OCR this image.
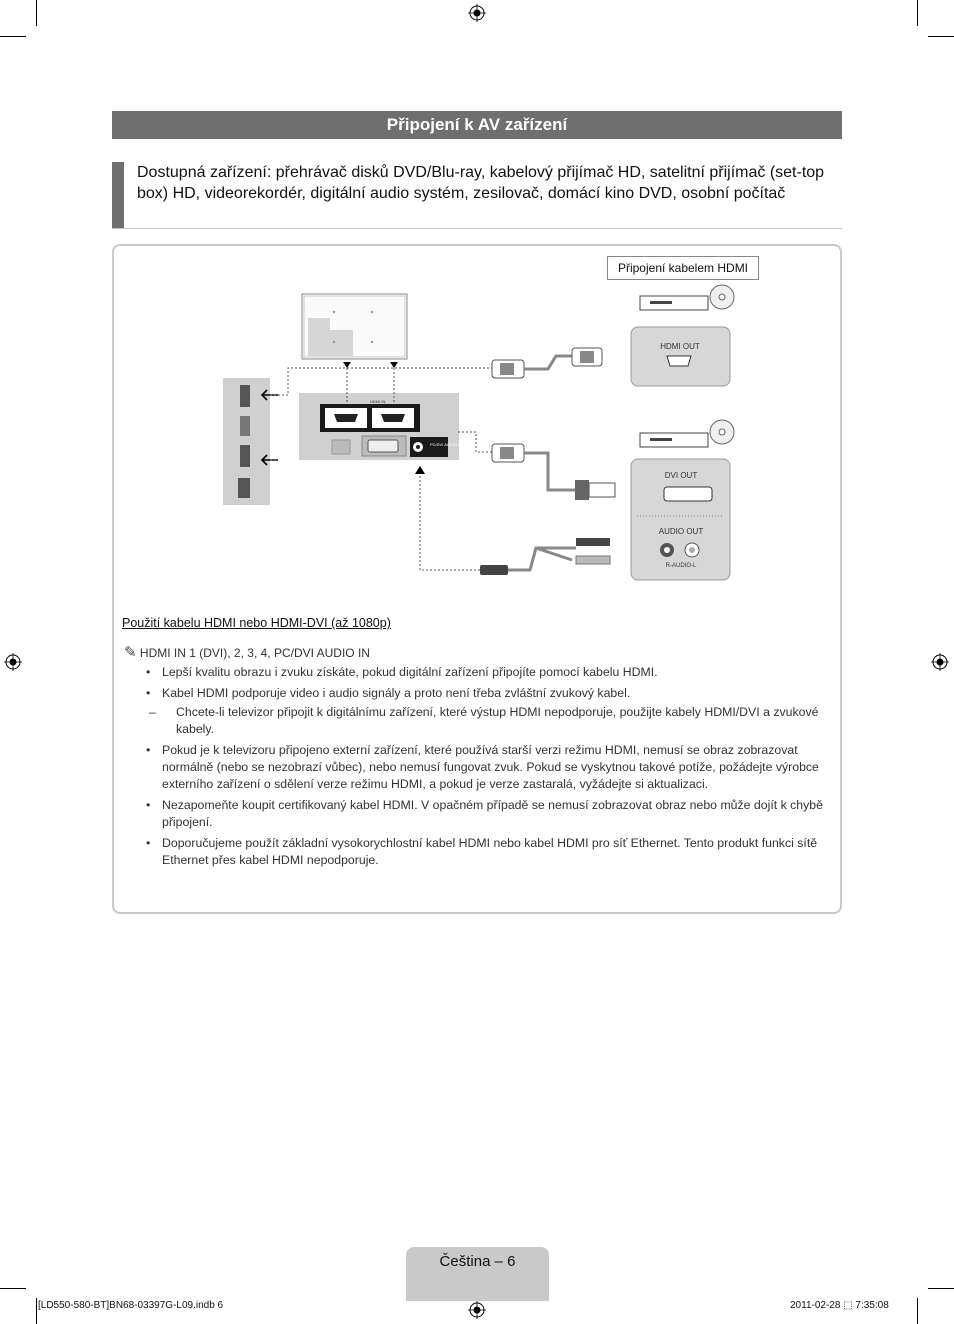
Připojení k AV zařízení
Dostupná zařízení: přehrávač disků DVD/Blu-ray, kabelový přijímač HD, satelitní přijímač (set-top box) HD, videorekordér, digitální audio systém, zesilovač, domácí kino DVD, osobní počítač
Připojení kabelem HDMI
HDMI IN
PC/DVI AUDIO IN
HDMI OUT
DVI OUT
AUDIO OUT
R-AUDIO-L
Použití kabelu HDMI nebo HDMI-DVI (až 1080p)
✎ HDMI IN 1 (DVI), 2, 3, 4, PC/DVI AUDIO IN
• Lepší kvalitu obrazu i zvuku získáte, pokud digitální zařízení připojíte pomocí kabelu HDMI.
• Kabel HDMI podporuje video i audio signály a proto není třeba zvláštní zvukový kabel.
– Chcete-li televizor připojit k digitálnímu zařízení, které výstup HDMI nepodporuje, použijte kabely HDMI/DVI a zvukové kabely.
• Pokud je k televizoru připojeno externí zařízení, které používá starší verzi režimu HDMI, nemusí se obraz zobrazovat normálně (nebo se nezobrazí vůbec), nebo nemusí fungovat zvuk. Pokud se vyskytnou takové potíže, požádejte výrobce externího zařízení o sdělení verze režimu HDMI, a pokud je verze zastaralá, vyžádejte si aktualizaci.
• Nezapomeňte koupit certifikovaný kabel HDMI. V opačném případě se nemusí zobrazovat obraz nebo může dojít k chybě připojení.
• Doporučujeme použít základní vysokorychlostní kabel HDMI nebo kabel HDMI pro síť Ethernet. Tento produkt funkci sítě Ethernet přes kabel HDMI nepodporuje.
Čeština – 6
[LD550-580-BT]BN68-03397G-L09.indb 6	2011-02-28 ⬚ 7:35:08
